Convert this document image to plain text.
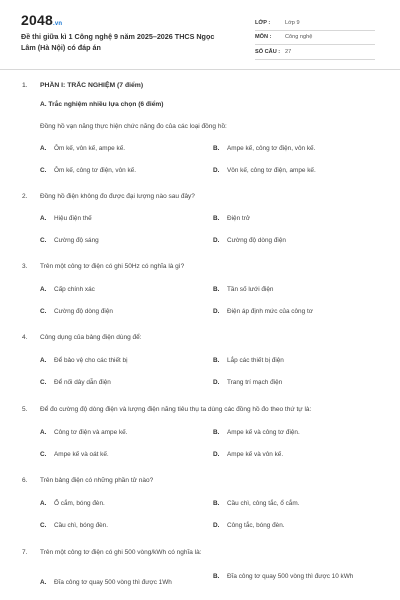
2048.vn
Đề thi giữa kì 1 Công nghệ 9 năm 2025–2026 THCS Ngọc Lâm (Hà Nội) có đáp án
LỚP :	Lớp 9
MÔN :	Công nghệ
SỐ CÂU : 27
1. PHẦN I: TRẮC NGHIỆM (7 điểm)
A. Trắc nghiệm nhiều lựa chọn (6 điểm)
Đồng hồ vạn năng thực hiện chức năng đo của các loại đồng hồ:
A.	Ôm kế, vôn kế, ampe kế.	B.	Ampe kế, công tơ điện, vôn kế.
C.	Ôm kế, công tơ điện, vôn kế.	D.	Vôn kế, công tơ điện, ampe kế.
2. Đồng hồ điện không đo được đại lượng nào sau đây?
A.	Hiệu điện thế	B.	Điện trở
C.	Cường độ sáng	D.	Cường độ dòng điện
3. Trên một công tơ điện có ghi 50Hz có nghĩa là gì?
A.	Cấp chính xác	B.	Tần số lưới điện
C.	Cường độ dòng điện	D.	Điện áp định mức của công tơ
4. Công dụng của bảng điện dùng để:
A.	Để bảo vệ cho các thiết bị	B.	Lắp các thiết bị điện
C.	Để nối dây dẫn điện	D.	Trang trí mạch điện
5. Để đo cường độ dòng điện và lượng điện năng tiêu thụ ta dùng các đồng hồ đo theo thứ tự là:
A.	Công tơ điện và ampe kế.	B.	Ampe kế và công tơ điện.
C.	Ampe kế và oát kế.	D.	Ampe kế và vôn kế.
6. Trên bảng điện có những phần tử nào?
A.	Ổ cắm, bóng đèn.	B.	Cầu chì, công tắc, ổ cắm.
C.	Cầu chì, bóng đèn.	D.	Công tắc, bóng đèn.
7. Trên một công tơ điện có ghi 500 vòng/kWh có nghĩa là:
A.	Đĩa công tơ quay 500 vòng thì được 1Wh
B.	Đĩa công tơ quay 500 vòng thì được 10 kWh
